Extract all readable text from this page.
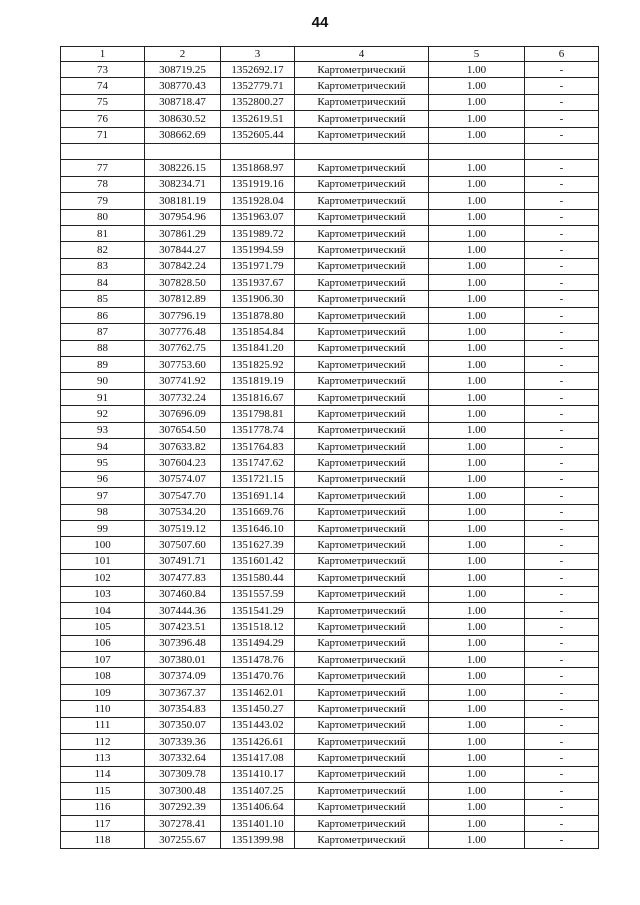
44
1	2	3	4	5	6
73	308719.25	1352692.17	Картометрический	1.00	-
74	308770.43	1352779.71	Картометрический	1.00	-
75	308718.47	1352800.27	Картометрический	1.00	-
76	308630.52	1352619.51	Картометрический	1.00	-
71	308662.69	1352605.44	Картометрический	1.00	-

77	308226.15	1351868.97	Картометрический	1.00	-
78	308234.71	1351919.16	Картометрический	1.00	-
79	308181.19	1351928.04	Картометрический	1.00	-
80	307954.96	1351963.07	Картометрический	1.00	-
81	307861.29	1351989.72	Картометрический	1.00	-
82	307844.27	1351994.59	Картометрический	1.00	-
83	307842.24	1351971.79	Картометрический	1.00	-
84	307828.50	1351937.67	Картометрический	1.00	-
85	307812.89	1351906.30	Картометрический	1.00	-
86	307796.19	1351878.80	Картометрический	1.00	-
87	307776.48	1351854.84	Картометрический	1.00	-
88	307762.75	1351841.20	Картометрический	1.00	-
89	307753.60	1351825.92	Картометрический	1.00	-
90	307741.92	1351819.19	Картометрический	1.00	-
91	307732.24	1351816.67	Картометрический	1.00	-
92	307696.09	1351798.81	Картометрический	1.00	-
93	307654.50	1351778.74	Картометрический	1.00	-
94	307633.82	1351764.83	Картометрический	1.00	-
95	307604.23	1351747.62	Картометрический	1.00	-
96	307574.07	1351721.15	Картометрический	1.00	-
97	307547.70	1351691.14	Картометрический	1.00	-
98	307534.20	1351669.76	Картометрический	1.00	-
99	307519.12	1351646.10	Картометрический	1.00	-
100	307507.60	1351627.39	Картометрический	1.00	-
101	307491.71	1351601.42	Картометрический	1.00	-
102	307477.83	1351580.44	Картометрический	1.00	-
103	307460.84	1351557.59	Картометрический	1.00	-
104	307444.36	1351541.29	Картометрический	1.00	-
105	307423.51	1351518.12	Картометрический	1.00	-
106	307396.48	1351494.29	Картометрический	1.00	-
107	307380.01	1351478.76	Картометрический	1.00	-
108	307374.09	1351470.76	Картометрический	1.00	-
109	307367.37	1351462.01	Картометрический	1.00	-
110	307354.83	1351450.27	Картометрический	1.00	-
111	307350.07	1351443.02	Картометрический	1.00	-
112	307339.36	1351426.61	Картометрический	1.00	-
113	307332.64	1351417.08	Картометрический	1.00	-
114	307309.78	1351410.17	Картометрический	1.00	-
115	307300.48	1351407.25	Картометрический	1.00	-
116	307292.39	1351406.64	Картометрический	1.00	-
117	307278.41	1351401.10	Картометрический	1.00	-
118	307255.67	1351399.98	Картометрический	1.00	-
